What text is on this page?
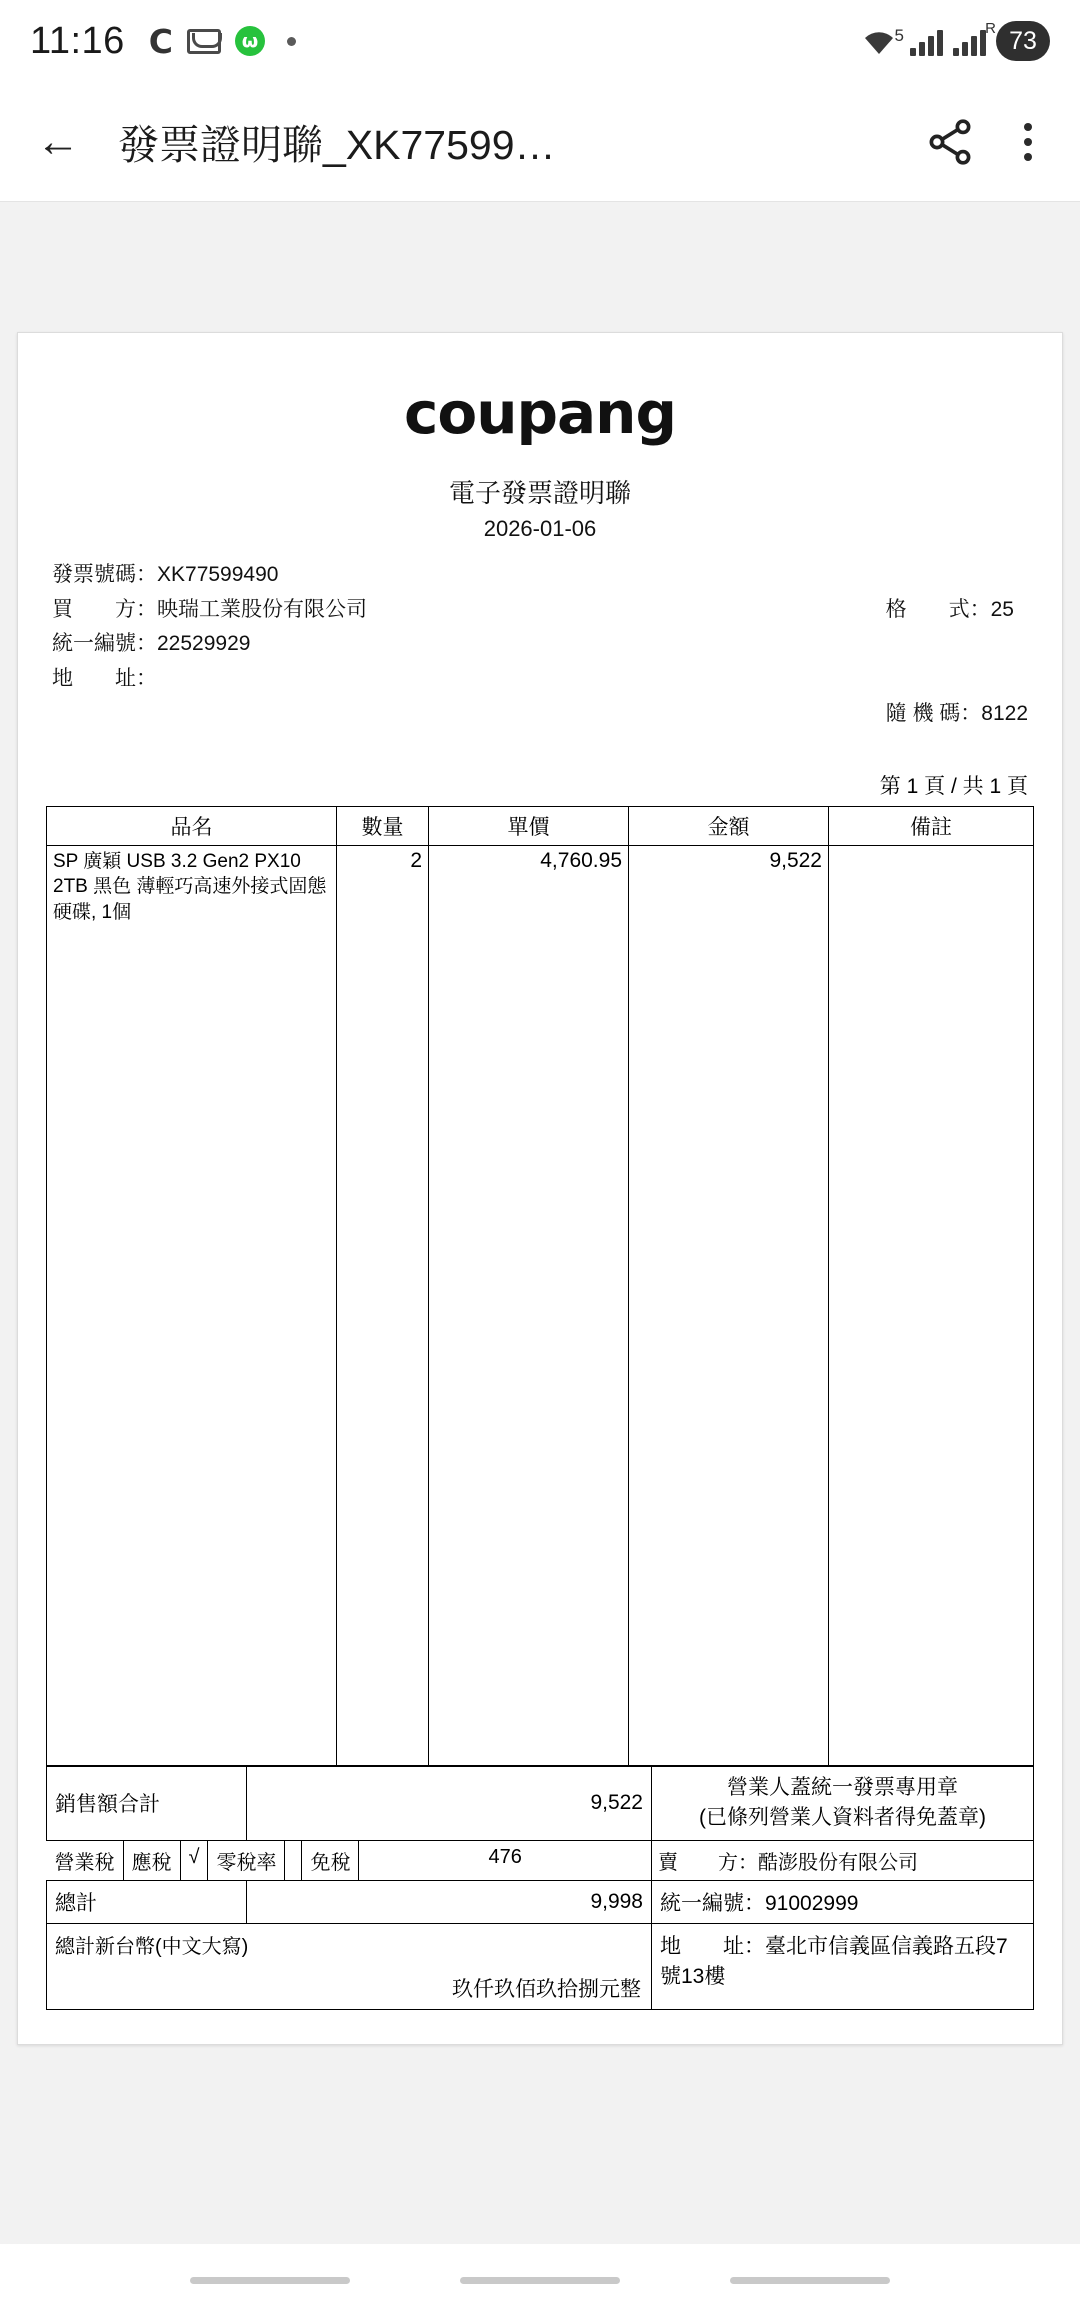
11:16 C	ω	5	R 73
← 發票證明聯_XK77599…
coupang
電子發票證明聯
2026-01-06
發票號碼：XK77599490
買　　方：映瑞工業股份有限公司
統一編號：22529929
地　　址：

格　　式：25

隨 機 碼：8122

第 1 頁 / 共 1 頁
品名	數量	單價	金額	備註

SP 廣穎 USB 3.2 Gen2 PX10 2TB 黑色 薄輕巧高速外接式固態硬碟, 1個	2	4,760.95	9,522	
銷售額合計	9,522	營業人蓋統一發票專用章
(已條列營業人資料者得免蓋章)

營業稅 應稅 √ 零稅率	免稅	476	賣　　方：酷澎股份有限公司
總計	9,998	統一編號：91002999

總計新台幣(中文大寫)
玖仟玖佰玖拾捌元整		地　　址：臺北市信義區信義路五段7號13樓
